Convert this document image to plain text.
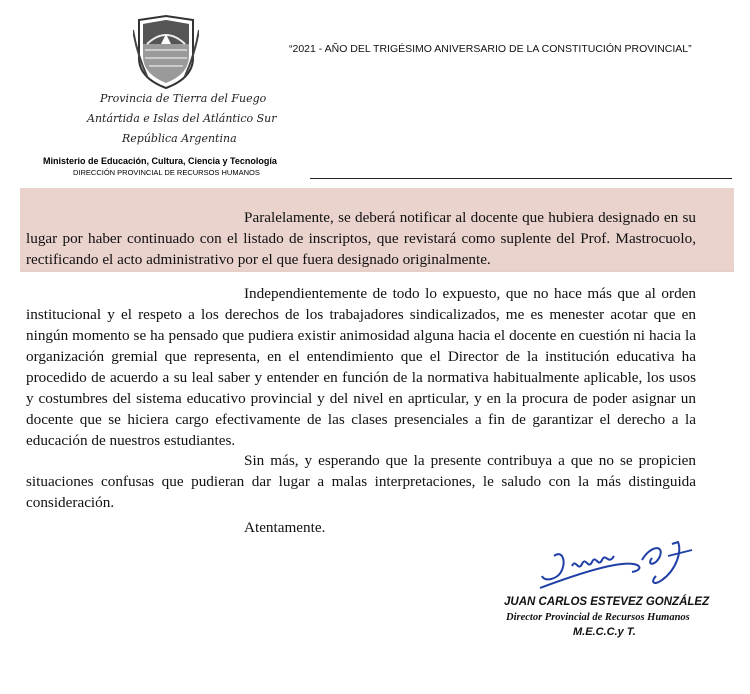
Provincia de Tierra del Fuego
Antártida e Islas del Atlántico Sur
República Argentina
Ministerio de Educación, Cultura, Ciencia y Tecnología
DIRECCIÓN PROVINCIAL DE RECURSOS HUMANOS
“2021 - AÑO DEL TRIGÉSIMO ANIVERSARIO DE LA CONSTITUCIÓN PROVINCIAL”

Paralelamente, se deberá notificar al docente que hubiera designado en su lugar por haber continuado con el listado de inscriptos, que revistará como suplente del Prof. Mastrocuolo, rectificando el acto administrativo por el que fuera designado originalmente.

Independientemente de todo lo expuesto, que no hace más que al orden institucional y el respeto a los derechos de los trabajadores sindicalizados, me es menester acotar que en ningún momento se ha pensado que pudiera existir animosidad alguna hacia el docente en cuestión ni hacia la organización gremial que representa, en el entendimiento que el Director de la institución educativa ha procedido de acuerdo a su leal saber y entender en función de la normativa habitualmente aplicable, los usos y costumbres del sistema educativo provincial y del nivel en aprticular, y en la procura de poder asignar un docente que se hiciera cargo efectivamente de las clases presenciales a fin de garantizar el derecho a la educación de nuestros estudiantes.

Sin más, y esperando que la presente contribuya a que no se propicien situaciones confusas que pudieran dar lugar a malas interpretaciones, le saludo con la más distinguida consideración.

Atentamente.
JUAN CARLOS ESTEVEZ GONZÁLEZ
Director Provincial de Recursos Humanos
M.E.C.C.y T.
